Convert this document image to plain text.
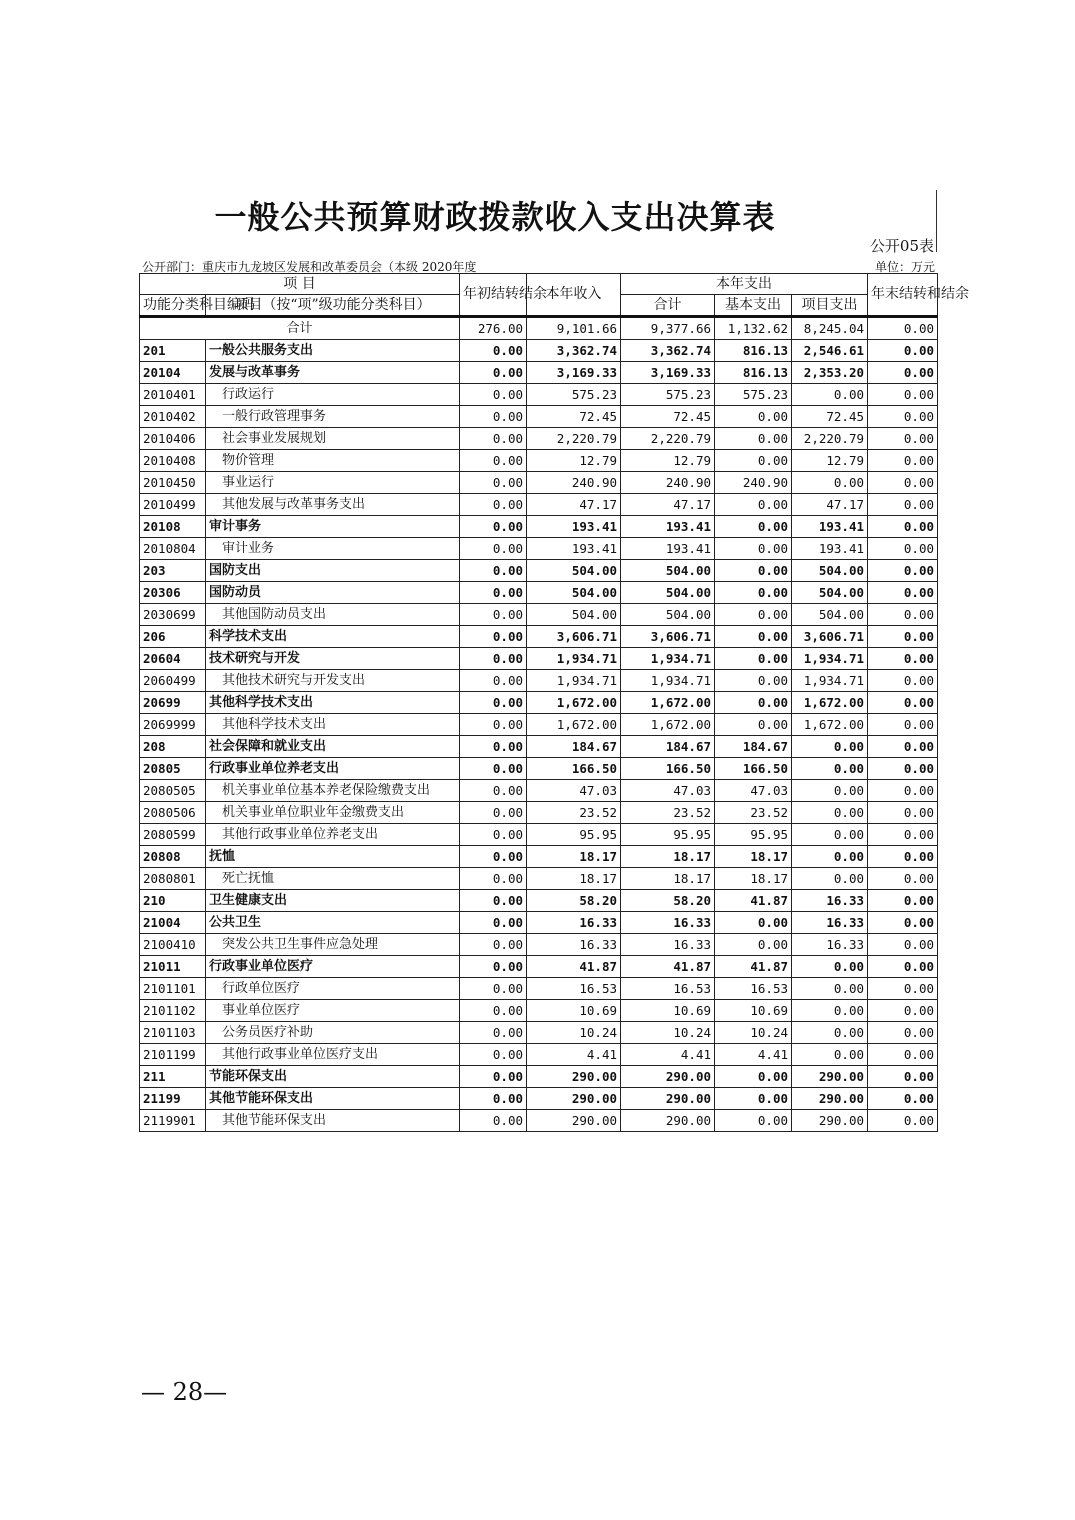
一般公共预算财政拨款收入支出决算表
公开05表
公开部门：重庆市九龙坡区发展和改革委员会（本级 2020年度	单位：万元
项 目		年初结转结余	本年收入	本年支出			年末结转和结余
功能分类科目编码	项目（按“项”级功能分类科目）			合计	基本支出	项目支出	

合计		276.00	9,101.66	9,377.66	1,132.62	8,245.04	0.00
201	一般公共服务支出	0.00	3,362.74	3,362.74	816.13	2,546.61	0.00
20104	发展与改革事务	0.00	3,169.33	3,169.33	816.13	2,353.20	0.00
2010401	行政运行	0.00	575.23	575.23	575.23	0.00	0.00
2010402	一般行政管理事务	0.00	72.45	72.45	0.00	72.45	0.00
2010406	社会事业发展规划	0.00	2,220.79	2,220.79	0.00	2,220.79	0.00
2010408	物价管理	0.00	12.79	12.79	0.00	12.79	0.00
2010450	事业运行	0.00	240.90	240.90	240.90	0.00	0.00
2010499	其他发展与改革事务支出	0.00	47.17	47.17	0.00	47.17	0.00
20108	审计事务	0.00	193.41	193.41	0.00	193.41	0.00
2010804	审计业务	0.00	193.41	193.41	0.00	193.41	0.00
203	国防支出	0.00	504.00	504.00	0.00	504.00	0.00
20306	国防动员	0.00	504.00	504.00	0.00	504.00	0.00
2030699	其他国防动员支出	0.00	504.00	504.00	0.00	504.00	0.00
206	科学技术支出	0.00	3,606.71	3,606.71	0.00	3,606.71	0.00
20604	技术研究与开发	0.00	1,934.71	1,934.71	0.00	1,934.71	0.00
2060499	其他技术研究与开发支出	0.00	1,934.71	1,934.71	0.00	1,934.71	0.00
20699	其他科学技术支出	0.00	1,672.00	1,672.00	0.00	1,672.00	0.00
2069999	其他科学技术支出	0.00	1,672.00	1,672.00	0.00	1,672.00	0.00
208	社会保障和就业支出	0.00	184.67	184.67	184.67	0.00	0.00
20805	行政事业单位养老支出	0.00	166.50	166.50	166.50	0.00	0.00
2080505	机关事业单位基本养老保险缴费支出	0.00	47.03	47.03	47.03	0.00	0.00
2080506	机关事业单位职业年金缴费支出	0.00	23.52	23.52	23.52	0.00	0.00
2080599	其他行政事业单位养老支出	0.00	95.95	95.95	95.95	0.00	0.00
20808	抚恤	0.00	18.17	18.17	18.17	0.00	0.00
2080801	死亡抚恤	0.00	18.17	18.17	18.17	0.00	0.00
210	卫生健康支出	0.00	58.20	58.20	41.87	16.33	0.00
21004	公共卫生	0.00	16.33	16.33	0.00	16.33	0.00
2100410	突发公共卫生事件应急处理	0.00	16.33	16.33	0.00	16.33	0.00
21011	行政事业单位医疗	0.00	41.87	41.87	41.87	0.00	0.00
2101101	行政单位医疗	0.00	16.53	16.53	16.53	0.00	0.00
2101102	事业单位医疗	0.00	10.69	10.69	10.69	0.00	0.00
2101103	公务员医疗补助	0.00	10.24	10.24	10.24	0.00	0.00
2101199	其他行政事业单位医疗支出	0.00	4.41	4.41	4.41	0.00	0.00
211	节能环保支出	0.00	290.00	290.00	0.00	290.00	0.00
21199	其他节能环保支出	0.00	290.00	290.00	0.00	290.00	0.00
2119901	其他节能环保支出	0.00	290.00	290.00	0.00	290.00	0.00
— 28—
